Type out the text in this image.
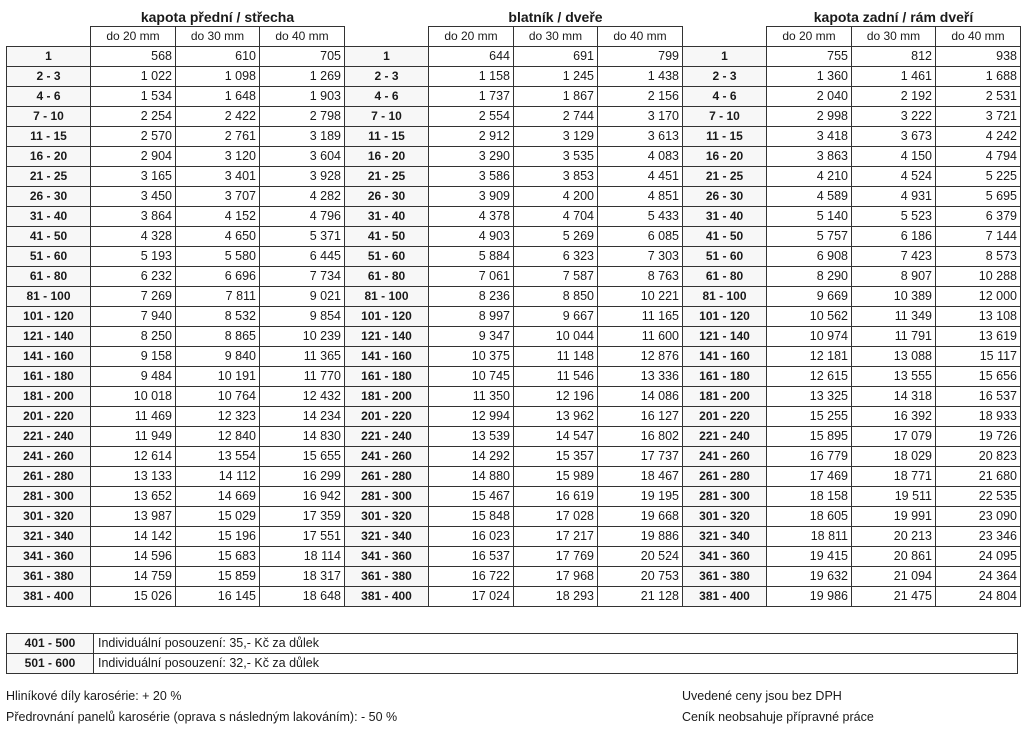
	kapota přední / střecha				blatník / dveře				kapota zadní / rám dveří		
	do 20 mm	do 30 mm	do 40 mm		do 20 mm	do 30 mm	do 40 mm		do 20 mm	do 30 mm	do 40 mm
1	568	610	705	1	644	691	799	1	755	812	938
2 - 3	1 022	1 098	1 269	2 - 3	1 158	1 245	1 438	2 - 3	1 360	1 461	1 688
4 - 6	1 534	1 648	1 903	4 - 6	1 737	1 867	2 156	4 - 6	2 040	2 192	2 531
7 - 10	2 254	2 422	2 798	7 - 10	2 554	2 744	3 170	7 - 10	2 998	3 222	3 721
11 - 15	2 570	2 761	3 189	11 - 15	2 912	3 129	3 613	11 - 15	3 418	3 673	4 242
16 - 20	2 904	3 120	3 604	16 - 20	3 290	3 535	4 083	16 - 20	3 863	4 150	4 794
21 - 25	3 165	3 401	3 928	21 - 25	3 586	3 853	4 451	21 - 25	4 210	4 524	5 225
26 - 30	3 450	3 707	4 282	26 - 30	3 909	4 200	4 851	26 - 30	4 589	4 931	5 695
31 - 40	3 864	4 152	4 796	31 - 40	4 378	4 704	5 433	31 - 40	5 140	5 523	6 379
41 - 50	4 328	4 650	5 371	41 - 50	4 903	5 269	6 085	41 - 50	5 757	6 186	7 144
51 - 60	5 193	5 580	6 445	51 - 60	5 884	6 323	7 303	51 - 60	6 908	7 423	8 573
61 - 80	6 232	6 696	7 734	61 - 80	7 061	7 587	8 763	61 - 80	8 290	8 907	10 288
81 - 100	7 269	7 811	9 021	81 - 100	8 236	8 850	10 221	81 - 100	9 669	10 389	12 000
101 - 120	7 940	8 532	9 854	101 - 120	8 997	9 667	11 165	101 - 120	10 562	11 349	13 108
121 - 140	8 250	8 865	10 239	121 - 140	9 347	10 044	11 600	121 - 140	10 974	11 791	13 619
141 - 160	9 158	9 840	11 365	141 - 160	10 375	11 148	12 876	141 - 160	12 181	13 088	15 117
161 - 180	9 484	10 191	11 770	161 - 180	10 745	11 546	13 336	161 - 180	12 615	13 555	15 656
181 - 200	10 018	10 764	12 432	181 - 200	11 350	12 196	14 086	181 - 200	13 325	14 318	16 537
201 - 220	11 469	12 323	14 234	201 - 220	12 994	13 962	16 127	201 - 220	15 255	16 392	18 933
221 - 240	11 949	12 840	14 830	221 - 240	13 539	14 547	16 802	221 - 240	15 895	17 079	19 726
241 - 260	12 614	13 554	15 655	241 - 260	14 292	15 357	17 737	241 - 260	16 779	18 029	20 823
261 - 280	13 133	14 112	16 299	261 - 280	14 880	15 989	18 467	261 - 280	17 469	18 771	21 680
281 - 300	13 652	14 669	16 942	281 - 300	15 467	16 619	19 195	281 - 300	18 158	19 511	22 535
301 - 320	13 987	15 029	17 359	301 - 320	15 848	17 028	19 668	301 - 320	18 605	19 991	23 090
321 - 340	14 142	15 196	17 551	321 - 340	16 023	17 217	19 886	321 - 340	18 811	20 213	23 346
341 - 360	14 596	15 683	18 114	341 - 360	16 537	17 769	20 524	341 - 360	19 415	20 861	24 095
361 - 380	14 759	15 859	18 317	361 - 380	16 722	17 968	20 753	361 - 380	19 632	21 094	24 364
381 - 400	15 026	16 145	18 648	381 - 400	17 024	18 293	21 128	381 - 400	19 986	21 475	24 804
401 - 500	Individuální posouzení: 35,- Kč za důlek
501 - 600	Individuální posouzení: 32,- Kč za důlek
Hliníkové díly karosérie: + 20 %
Předrovnání panelů karosérie (oprava s následným lakováním): - 50 %
Uvedené ceny jsou bez DPH
Ceník neobsahuje přípravné práce
